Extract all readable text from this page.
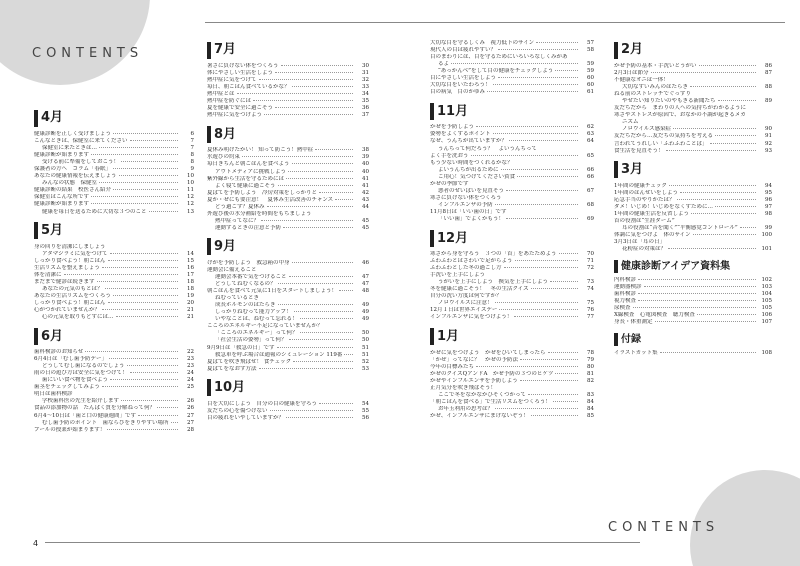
CONTENTS
CONTENTS
4
4月
健康診断を正しく受けましょう	6
こんなときは、保健室に来てください	7
保健室に来たときは…	7
健康診断が始まります	8
受ける前に準備をしておこう！	8
保護者の方へ　コラム「春眠」	9
あなたの健康情報を伝えましょう	10
みんなの状態　保健室	10
健康診断の結果　校医さん紹介	11
保健室はこんな所です	12
健康診断が始まります	12
健康を毎日を送るために大切な３つのこと	13
5月
身の回りを清潔にしましょう
アタマジラミに気をつけて	14
しっかり食べよう！朝ごはん	15
生活リズムを整えましょう	16
体を清潔に	17
まだまで健診は続きます	18
あなたの元気のもとは？	18
あなたの生活リズムをつくろう	19
しっかり食べよう！朝ごはん	20
心がつかれていませんか？	21
心の元気を取りもどすには…	21
6月
歯科検診のお知らせ	22
6月4日は「むし歯予防デー」	23
どうしてむし歯になるのでしょう	23
雨の日の遊び方は安全に気をつけて！	24
歯にいい食べ物を食べよう	24
歯茎をチェックしてみよう	25
明日は歯科検診
学校歯科医の先生を紹介します	26
食品の添加物の話　たんぱく質を分解ねって何？	26
6月4〜10日は「歯と口の健康週間」です	27
むし歯予防のポイント　歯ならびをきりやすい場所	27
プールの授業が始まります！	28
7月
暑さに負けない体をつくろう	30
体にやさしい生活をしよう	31
熱中症に気をつけて	32
毎日、朝ごはん食べているかな？	33
熱中症とは	34
熱中症を防ぐには	35
夏を健康で安全に過ごそう	36
熱中症に気をつけよう	37
8月
夏休み明けたかい！ 知って防ごう！熱中症	38
水遊びの約束	39
毎日きちんと朝ごはんを食べよう	40
アウトメディアに挑戦しよう	40
紫外線から生活を守るためには	41
よく寝て健康に過ごそう	41
夏ばてを予防しよう　冷房対策をしっかりと	42
夏か・ぜにも要注意！　夏休み生活改善のチャンス	43
どう過ごす？夏休み	44
外遊び後の水分補給を時間をもちましょう
熱中症ってなに？	45
運動するときの注意と予防	45
9月
けがを予防しよう　救急箱の中身	46
運動会に備えること
運動会本番で気をつけること	47
どうしてねむくなるの？	47
朝ごはんを食べて元気に1日をスタートしましょう！	48
ねむっているとき
成長ホルモンのはたらき	49
しっかりねむって能力アップ！	49
いやなことは、ねむって忘れる！	49
こころのエネルギー不足になっていませんか？
「こころのエネルギー」って何？	50
「社会生活の姿勢」って何？	50
9月9日は「救急の日」です	51
救急車を呼ぶ場合は通報のシミュレーション 119番	51
夏ばてを吹き飛ばせ！ 食チェック	52
夏ばてをなおす方法	53
10月
目を大切にしよう　自分の目の健康を守ろう	54
友だちの心を傷つけない	55
目の疲れをいやしていますか？	56
大切な目を守るしくみ　視力低下のサイン	57
現代人の目は疲れやすい？	58
目のまわりには、目を守るためにいろいろなしくみがあ
るよ	59
“あっかんべ”をして目の健康をチェックしよう	59
目にやさしい生活をしよう	60
大切な目をいたわろう！	60
目の病気　目のかゆみ	61
11月
かぜを予防しよう	62
姿勢をよくするポイント	63
なぜ、うんちが出ていますか？	64
うんちって何だろう？　よいうんちって
よく手を洗おう	65
もう少ない時間をつくれるかな？
よいうんちが出るために	66
ご用心！気つけてください貧食	66
かぜの季節です
悪者のせいばいを見直そう	67
寒さに負けない体をつくろう
インフルエンザの予防	68
11月8日は「いい歯の日」です
「いい歯」でよくかもう！	69
12月
寒さから身を守ろう　３つの「首」をあたためよう	70
ふわふわとはさわいで足がらよう	71
ふわふわとした冬の過ごし方	72
手洗いを上手にしよう
うがいを上手にしよう　換気を上手にしよう	73
冬を健康に過ごそう！　冬の生活クイズ	74
自分の洗い方度は何ですか？
ノロウイルスに注意！	75
12月１日は世界エイズデー	76
インフルエンザに気をつけよう！	77
1月
かぜに気をつけよう　かぜをひいてしまったら	78
「かぜ」ってなに？　かぜの予防法	79
今年の目標みたち	80
かぜのクイズQアンドA　かぜ予防の３つのヒケツ	81
かぜやインフルエンザを予防しよう	82
正月気分を吹き飛ばそう！
ここで冬をなかなかひそくつかって	83
「朝ごはんを食べる」で生活リズムをつくろう！	84
お年玉利用の思考は？	84
かぜ、インフルエンザにまけないぞう！	85
2月
かぜ予防の基本・手洗いとうがい	86
2月3日は節分	87
不健康なオニは一体！
大切なすいみんのはたらき	88
ねる前のストレッチでぐっすり
やせたい知りたいのやもきる新聞たち	89
友だちだから　まわりの人への気持ちがわかるように
寒さやストレスが原因で、おなかの不調が起きるメカ
ニズム
ノロウイルス感染症	90
友だちだから…友だちの気持ちを考える	91
言われてうれしい「ふわふわことば」	92
食生活を見直そう！	93
3月
1年間の健康チェック	94
1年間のはんせいをしよう	95
応急手当のやりかたは？	96
ダメ！いじめ！いじめをなくすために…	97
1年間の健康生活を反省しよう	98
首の役割は“生涯ダーム”
耳の役割は“音を聞く”“平衡感覚コントロール”	99
体調に気をつけよ　体のサイン	100
3月3日は「耳の日」
花粉症の対策は？	101
健康診断アイデア資料集
内科検診	102
運動器検診	103
歯科検診	104
視力検査	105
尿検査	105
X線検査　心電図検査　聴力検査	106
身長・体重測定	107
付録
イラストカット集	108
